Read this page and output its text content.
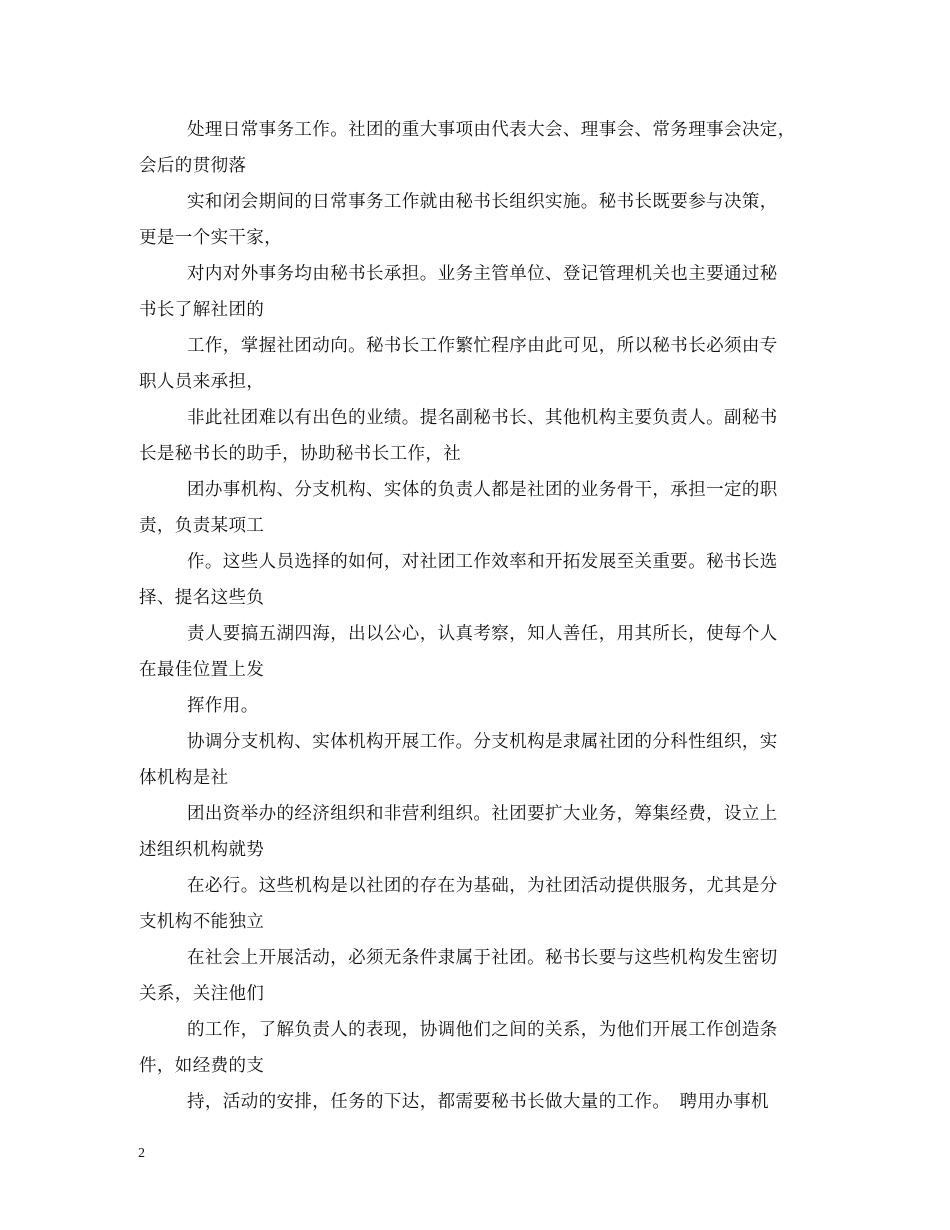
处理日常事务工作。社团的重大事项由代表大会、理事会、常务理事会决定，
会后的贯彻落
实和闭会期间的日常事务工作就由秘书长组织实施。秘书长既要参与决策，
更是一个实干家，
对内对外事务均由秘书长承担。业务主管单位、登记管理机关也主要通过秘
书长了解社团的
工作，掌握社团动向。秘书长工作繁忙程序由此可见，所以秘书长必须由专
职人员来承担，
非此社团难以有出色的业绩。提名副秘书长、其他机构主要负责人。副秘书
长是秘书长的助手，协助秘书长工作，社
团办事机构、分支机构、实体的负责人都是社团的业务骨干，承担一定的职
责，负责某项工
作。这些人员选择的如何，对社团工作效率和开拓发展至关重要。秘书长选
择、提名这些负
责人要搞五湖四海，出以公心，认真考察，知人善任，用其所长，使每个人
在最佳位置上发
挥作用。
协调分支机构、实体机构开展工作。分支机构是隶属社团的分科性组织，实
体机构是社
团出资举办的经济组织和非营利组织。社团要扩大业务，筹集经费，设立上
述组织机构就势
在必行。这些机构是以社团的存在为基础，为社团活动提供服务，尤其是分
支机构不能独立
在社会上开展活动，必须无条件隶属于社团。秘书长要与这些机构发生密切
关系，关注他们
的工作，了解负责人的表现，协调他们之间的关系，为他们开展工作创造条
件，如经费的支
持，活动的安排，任务的下达，都需要秘书长做大量的工作。　聘用办事机
2
